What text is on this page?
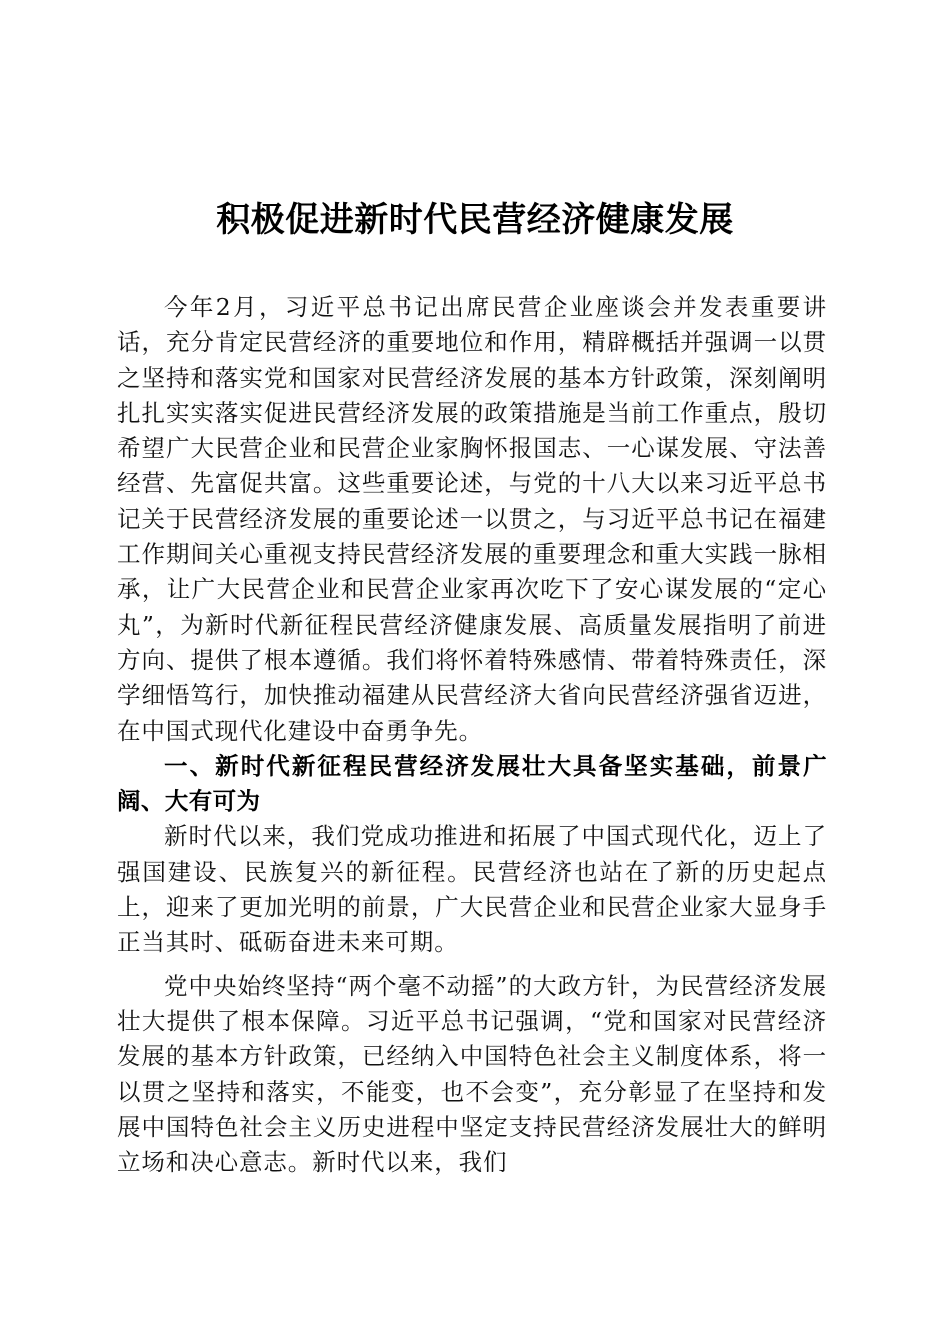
积极促进新时代民营经济健康发展

今年2月，习近平总书记出席民营企业座谈会并发表重要讲话，充分肯定民营经济的重要地位和作用，精辟概括并强调一以贯之坚持和落实党和国家对民营经济发展的基本方针政策，深刻阐明扎扎实实落实促进民营经济发展的政策措施是当前工作重点，殷切希望广大民营企业和民营企业家胸怀报国志、一心谋发展、守法善经营、先富促共富。这些重要论述，与党的十八大以来习近平总书记关于民营经济发展的重要论述一以贯之，与习近平总书记在福建工作期间关心重视支持民营经济发展的重要理念和重大实践一脉相承，让广大民营企业和民营企业家再次吃下了安心谋发展的“定心丸”，为新时代新征程民营经济健康发展、高质量发展指明了前进方向、提供了根本遵循。我们将怀着特殊感情、带着特殊责任，深学细悟笃行，加快推动福建从民营经济大省向民营经济强省迈进，在中国式现代化建设中奋勇争先。

一、新时代新征程民营经济发展壮大具备坚实基础，前景广阔、大有可为

新时代以来，我们党成功推进和拓展了中国式现代化，迈上了强国建设、民族复兴的新征程。民营经济也站在了新的历史起点上，迎来了更加光明的前景，广大民营企业和民营企业家大显身手正当其时、砥砺奋进未来可期。

党中央始终坚持“两个毫不动摇”的大政方针，为民营经济发展壮大提供了根本保障。习近平总书记强调，“党和国家对民营经济发展的基本方针政策，已经纳入中国特色社会主义制度体系，将一以贯之坚持和落实，不能变，也不会变”，充分彰显了在坚持和发展中国特色社会主义历史进程中坚定支持民营经济发展壮大的鲜明立场和决心意志。新时代以来，我们
